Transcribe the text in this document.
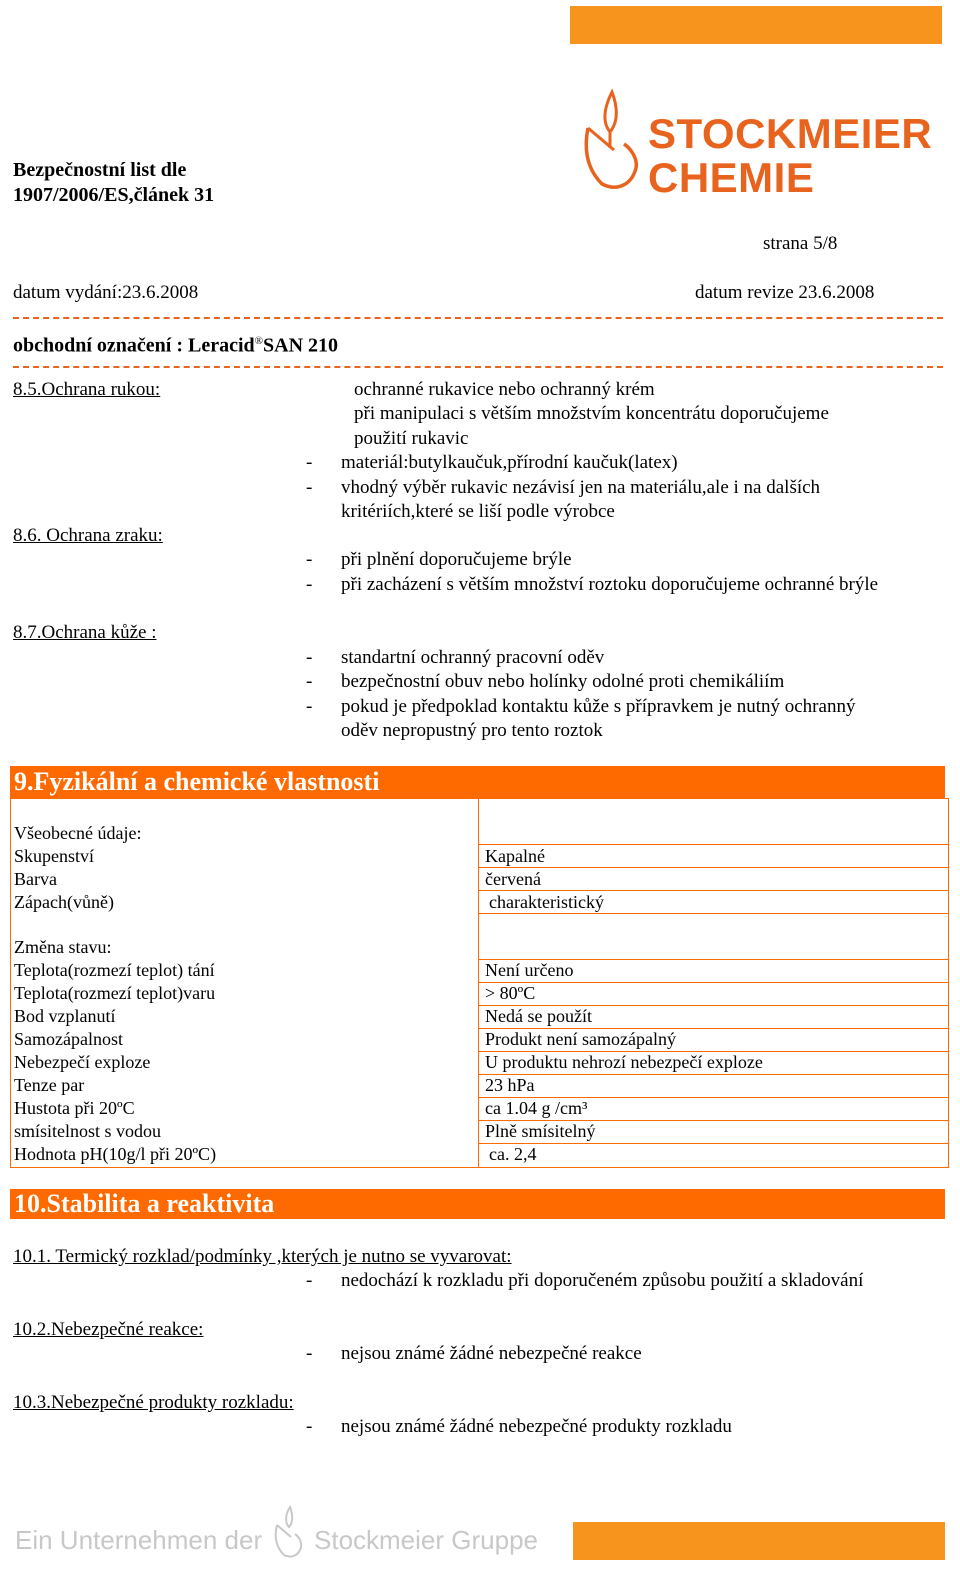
STOCKMEIER
CHEMIE
Bezpečnostní list dle
1907/2006/ES,článek 31
strana 5/8
datum vydání:23.6.2008	datum revize 23.6.2008
obchodní označení : Leracid®SAN 210
8.5.Ochrana rukou:	ochranné rukavice nebo ochranný krém
při manipulaci s větším množstvím koncentrátu doporučujeme
použití rukavic
- materiál:butylkaučuk,přírodní kaučuk(latex)
- vhodný výběr rukavic nezávisí jen na materiálu,ale i na dalších
kritériích,které se liší podle výrobce
8.6. Ochrana zraku:
- při plnění doporučujeme brýle
- při zacházení s větším množství roztoku doporučujeme ochranné brýle
8.7.Ochrana kůže :
- standartní ochranný pracovní oděv
- bezpečnostní obuv nebo holínky odolné proti chemikáliím
- pokud je předpoklad kontaktu kůže s přípravkem je nutný ochranný
oděv nepropustný pro tento roztok
9.Fyzikální a chemické vlastnosti
Všeobecné údaje:
Skupenství	Kapalné
Barva	červená
Zápach(vůně)	charakteristický
Změna stavu:
Teplota(rozmezí teplot) tání	Není určeno
Teplota(rozmezí teplot)varu	> 80ºC
Bod vzplanutí	Nedá se použít
Samozápalnost	Produkt není samozápalný
Nebezpečí exploze	U produktu nehrozí nebezpečí exploze
Tenze par	23 hPa
Hustota při 20ºC	ca 1.04 g /cm³
smísitelnost s vodou	Plně smísitelný
Hodnota pH(10g/l při 20ºC)	ca. 2,4
10.Stabilita a reaktivita
10.1. Termický rozklad/podmínky ,kterých je nutno se vyvarovat:
- nedochází k rozkladu při doporučeném způsobu použití a skladování
10.2.Nebezpečné reakce:
- nejsou známé žádné nebezpečné reakce
10.3.Nebezpečné produkty rozkladu:
- nejsou známé žádné nebezpečné produkty rozkladu
Ein Unternehmen der Stockmeier Gruppe
